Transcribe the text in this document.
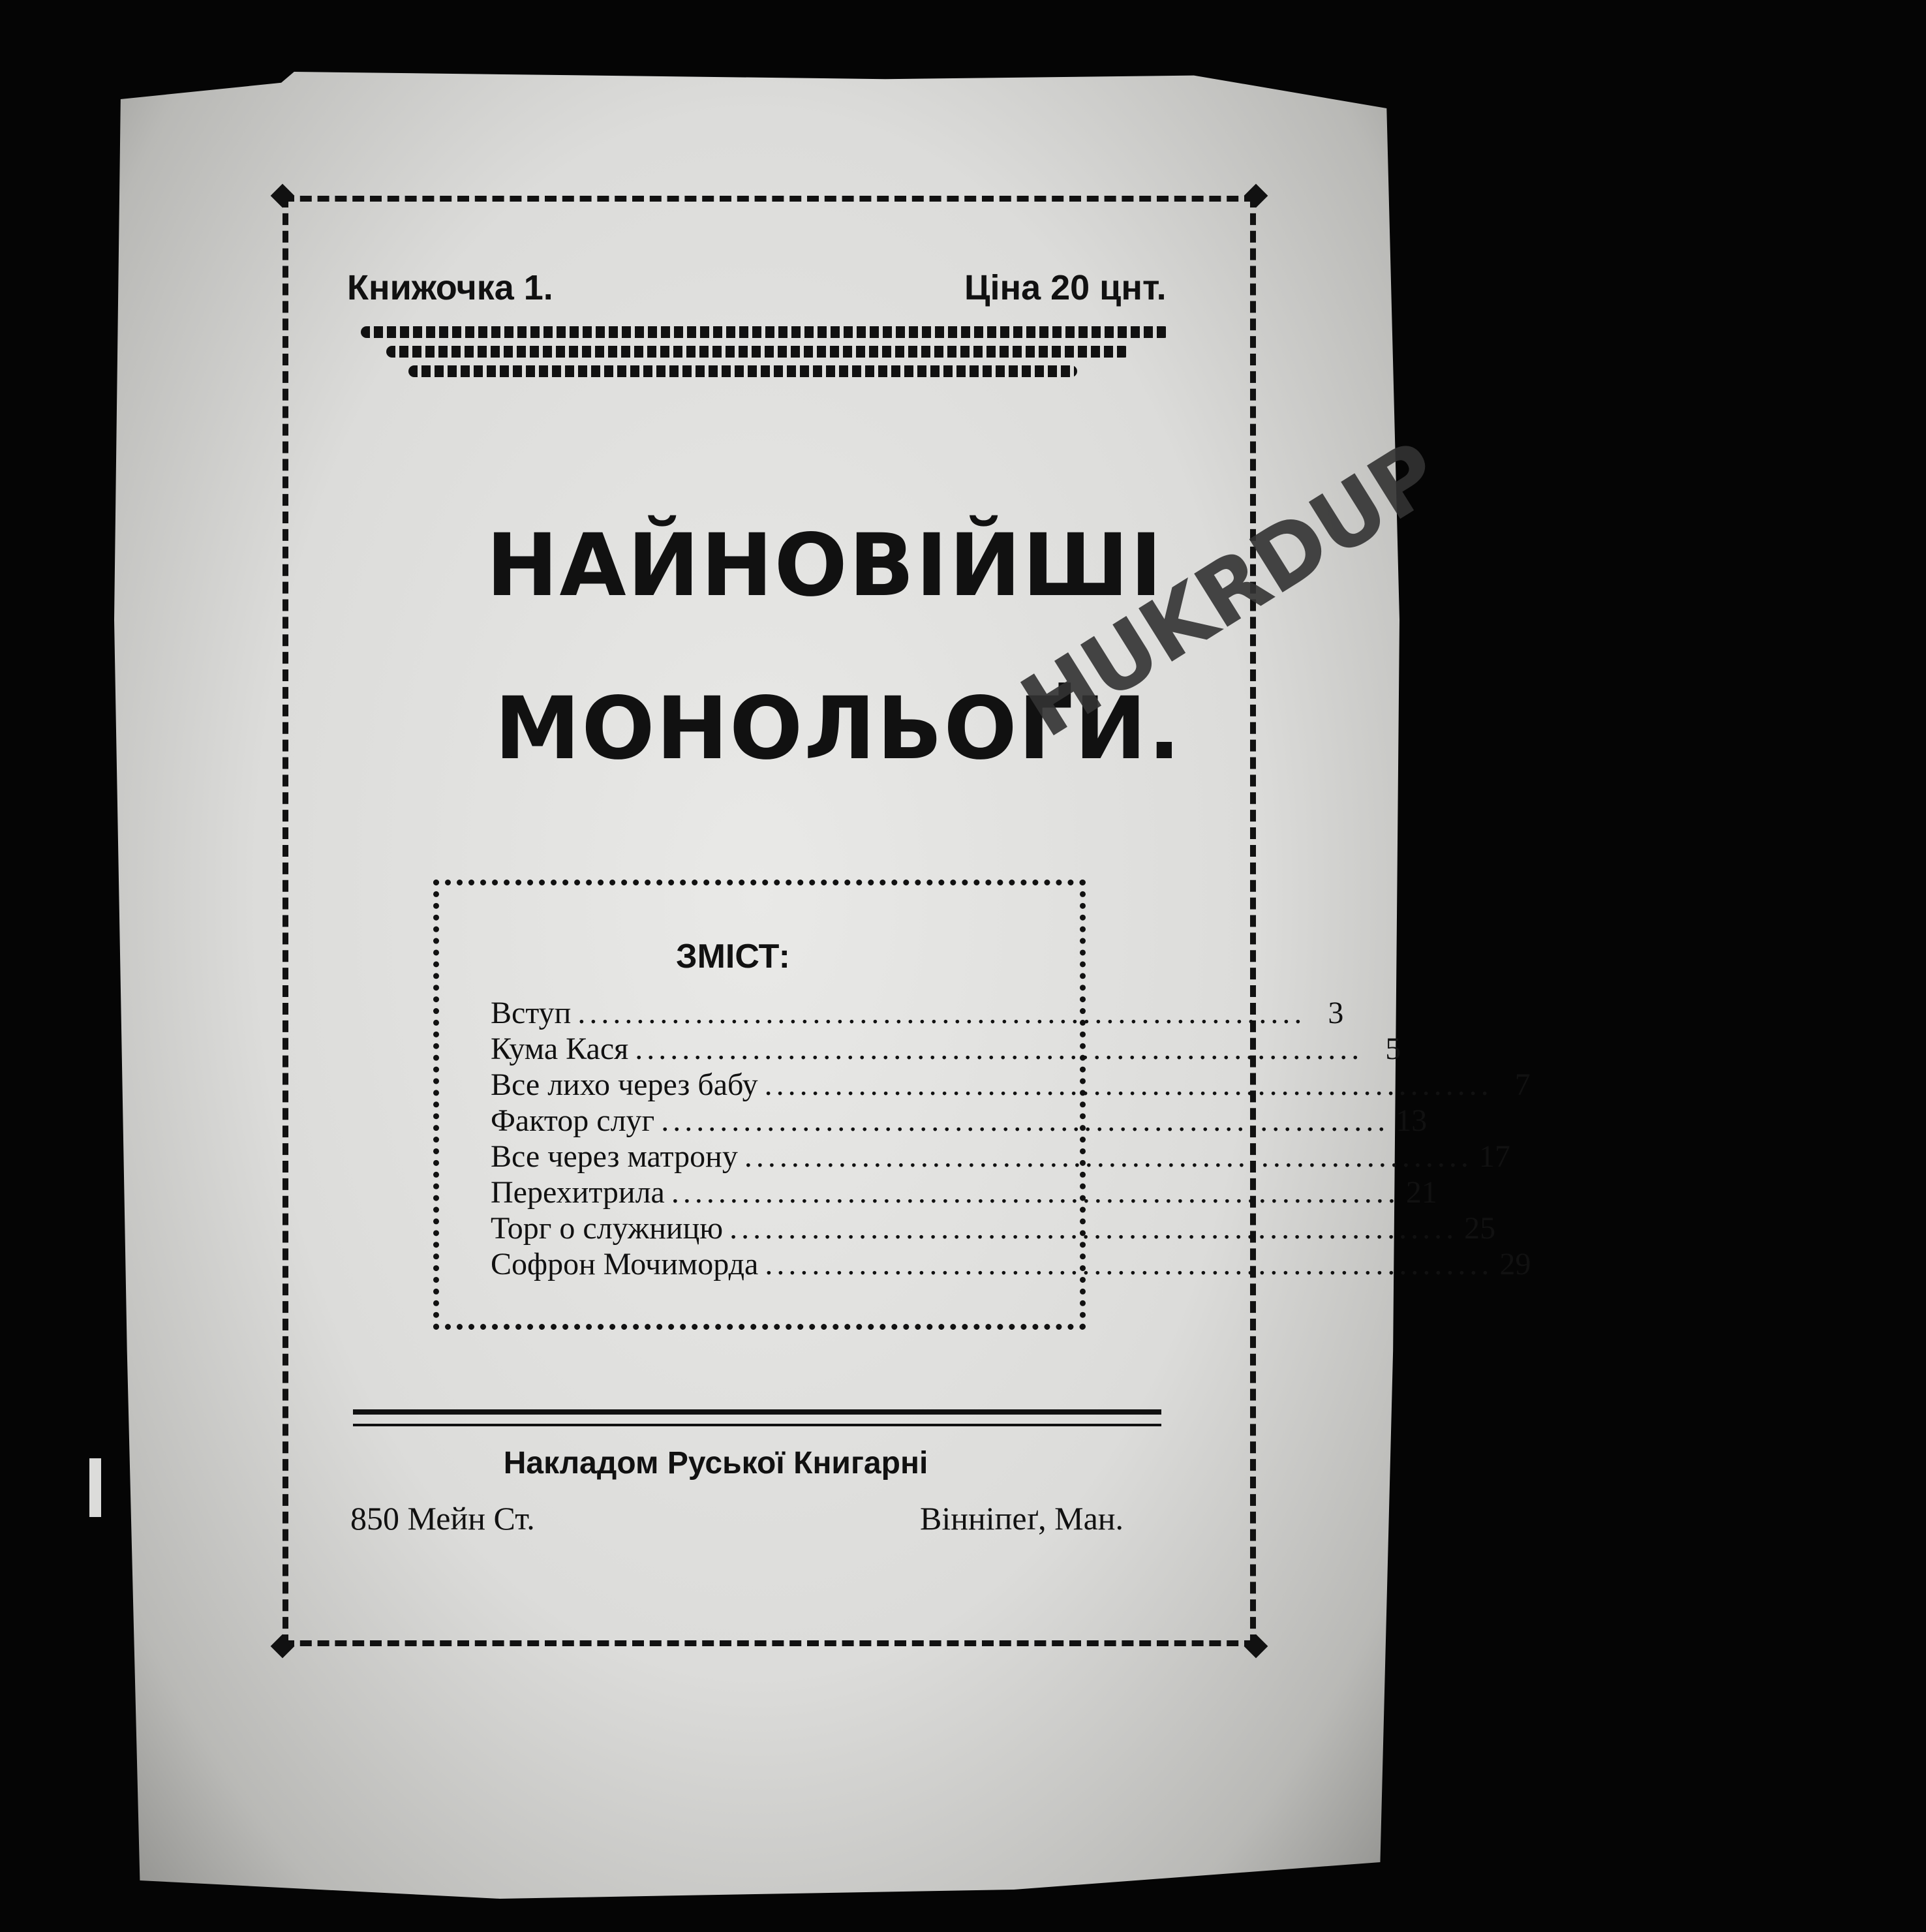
Книжочка 1.	Ціна 20 цнт.
НАЙНОВІЙШІ
МОНОЛЬОҐИ.
HUKRDUP
ЗМІСТ:
Вступ .............................................................. 3
Кума Кася .............................................................. 5
Все лихо через бабу .............................................................. 7
Фактор слуг .............................................................. 13
Все через матрону .............................................................. 17
Перехитрила .............................................................. 21
Торг о служницю .............................................................. 25
Софрон Мочиморда .............................................................. 29
Накладом Руської Книгарні
850 Мейн Ст.	Вінніпеґ, Ман.
